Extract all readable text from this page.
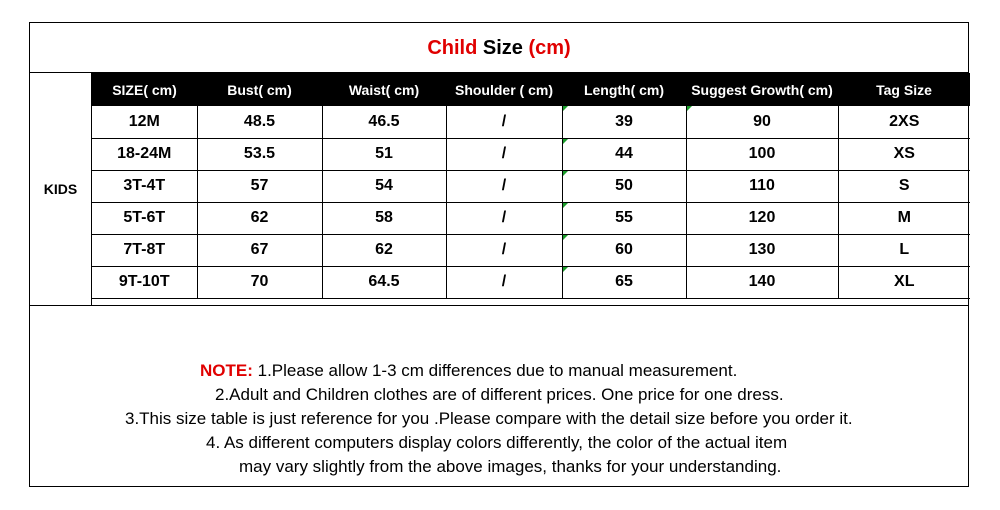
Child Size (cm)
KIDS
SIZE( cm)	Bust( cm)	Waist( cm)	Shoulder ( cm)	Length( cm)	Suggest Growth( cm)	Tag Size
12M	48.5	46.5	/	39	90	2XS
18-24M	53.5	51	/	44	100	XS
3T-4T	57	54	/	50	110	S
5T-6T	62	58	/	55	120	M
7T-8T	67	62	/	60	130	L
9T-10T	70	64.5	/	65	140	XL
NOTE: 1.Please allow 1-3 cm differences due to manual measurement.
2.Adult and Children clothes are of different prices. One price for one dress.
3.This size table is just reference for you .Please compare with the detail size before you order it.
4. As different computers display colors differently, the color of the actual item
may vary slightly from the above images, thanks for your understanding.
